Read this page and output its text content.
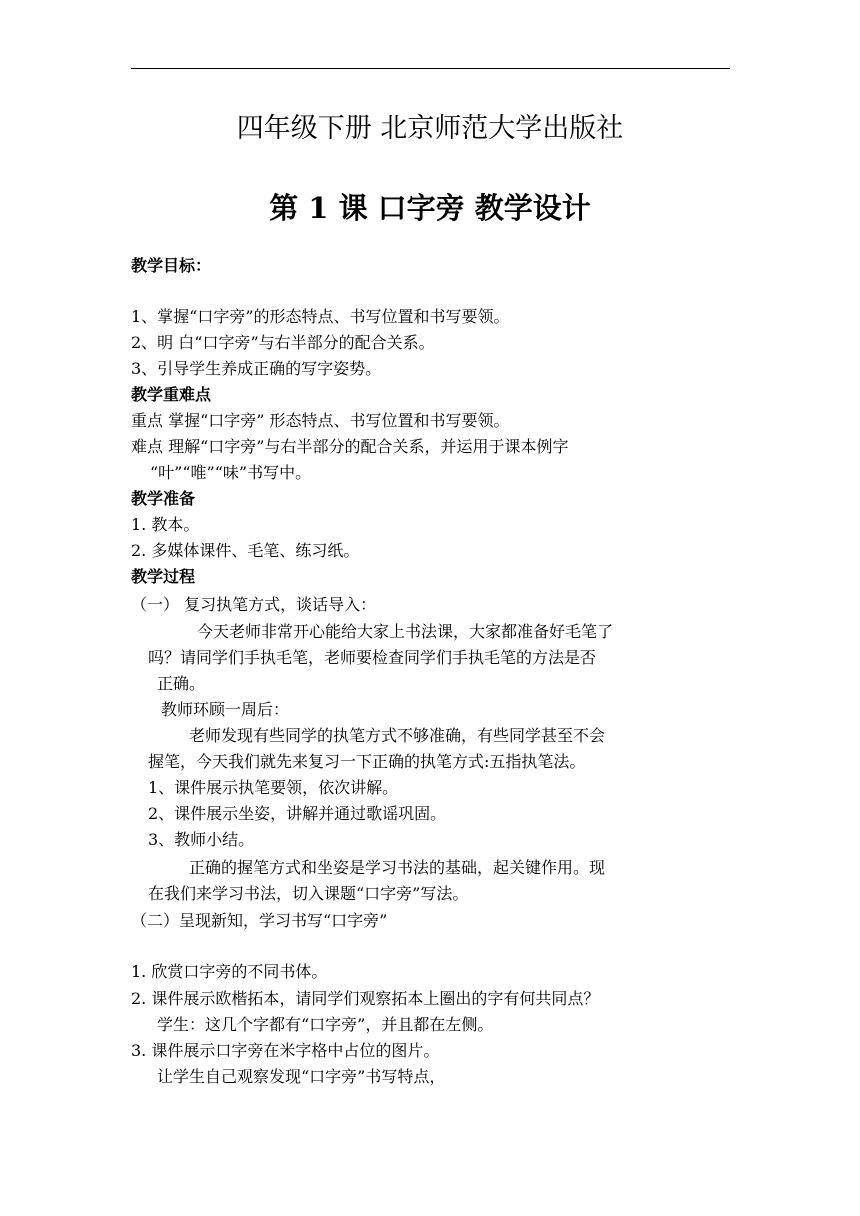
四年级下册 北京师范大学出版社
第 1 课 口字旁 教学设计
教学目标：
1、掌握“口字旁”的形态特点、书写位置和书写要领。
2、明 白“口字旁”与右半部分的配合关系。
3、引导学生养成正确的写字姿势。
教学重难点
重点 掌握“口字旁” 形态特点、书写位置和书写要领。
难点 理解“口字旁”与右半部分的配合关系，并运用于课本例字
“叶”“唯”“味”书写中。
教学准备
1. 教本。
2. 多媒体课件、毛笔、练习纸。
教学过程
（一） 复习执笔方式，谈话导入：
今天老师非常开心能给大家上书法课，大家都准备好毛笔了
吗？请同学们手执毛笔，老师要检查同学们手执毛笔的方法是否
正确。
教师环顾一周后：
老师发现有些同学的执笔方式不够准确，有些同学甚至不会
握笔，今天我们就先来复习一下正确的执笔方式:五指执笔法。
1、课件展示执笔要领，依次讲解。
2、课件展示坐姿，讲解并通过歌谣巩固。
3、教师小结。
正确的握笔方式和坐姿是学习书法的基础，起关键作用。现
在我们来学习书法，切入课题“口字旁”写法。
（二）呈现新知，学习书写“口字旁”
1. 欣赏口字旁的不同书体。
2. 课件展示欧楷拓本，请同学们观察拓本上圈出的字有何共同点？
学生：这几个字都有“口字旁”，并且都在左侧。
3. 课件展示口字旁在米字格中占位的图片。
让学生自己观察发现“口字旁”书写特点，
